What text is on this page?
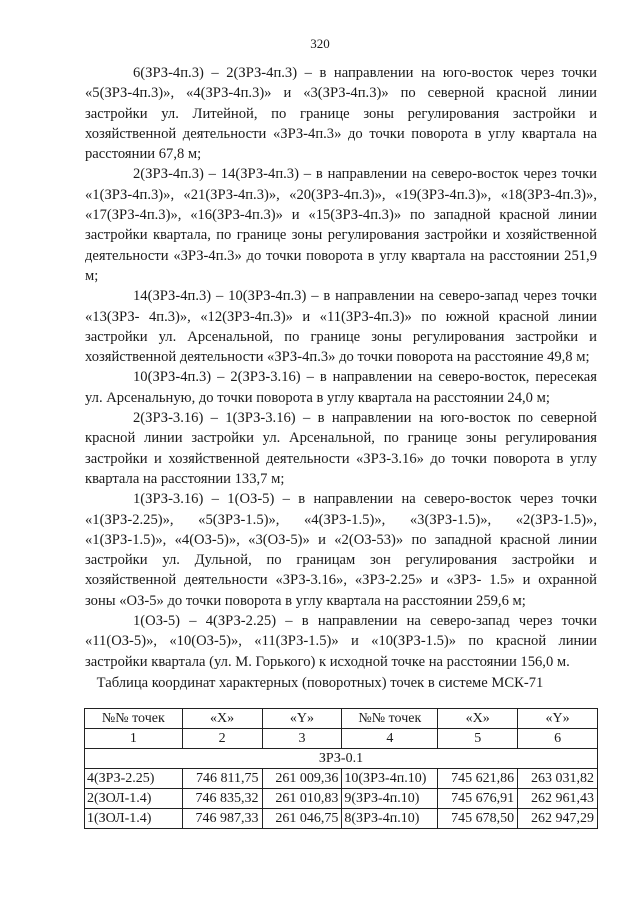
320

6(ЗРЗ-4п.3) – 2(ЗРЗ-4п.3) – в направлении на юго-восток через точки «5(ЗРЗ-4п.3)», «4(ЗРЗ-4п.3)» и «3(ЗРЗ-4п.3)» по северной красной линии застройки ул. Литейной, по границе зоны регулирования застройки и хозяйственной деятельности «ЗРЗ-4п.3» до точки поворота в углу квартала на расстоянии 67,8 м;

2(ЗРЗ-4п.3) – 14(ЗРЗ-4п.3) – в направлении на северо-восток через точки «1(ЗРЗ-4п.3)», «21(ЗРЗ-4п.3)», «20(ЗРЗ-4п.3)», «19(ЗРЗ-4п.3)», «18(ЗРЗ-4п.3)», «17(ЗРЗ-4п.3)», «16(ЗРЗ-4п.3)» и «15(ЗРЗ-4п.3)» по западной красной линии застройки квартала, по границе зоны регулирования застройки и хозяйственной деятельности «ЗРЗ-4п.3» до точки поворота в углу квартала на расстоянии 251,9 м;

14(ЗРЗ-4п.3) – 10(ЗРЗ-4п.3) – в направлении на северо-запад через точки «13(ЗРЗ- 4п.3)», «12(ЗРЗ-4п.3)» и «11(ЗРЗ-4п.3)» по южной красной линии застройки ул. Арсенальной, по границе зоны регулирования застройки и хозяйственной деятельности «ЗРЗ-4п.3» до точки поворота на расстояние 49,8 м;

10(ЗРЗ-4п.3) – 2(ЗРЗ-3.16) – в направлении на северо-восток, пересекая ул. Арсенальную, до точки поворота в углу квартала на расстоянии 24,0 м;

2(ЗРЗ-3.16) – 1(ЗРЗ-3.16) – в направлении на юго-восток по северной красной линии застройки ул. Арсенальной, по границе зоны регулирования застройки и хозяйственной деятельности «ЗРЗ-3.16» до точки поворота в углу квартала на расстоянии 133,7 м;

1(ЗРЗ-3.16) – 1(ОЗ-5) – в направлении на северо-восток через точки «1(ЗРЗ-2.25)», «5(ЗРЗ-1.5)», «4(ЗРЗ-1.5)», «3(ЗРЗ-1.5)», «2(ЗРЗ-1.5)», «1(ЗРЗ-1.5)», «4(ОЗ-5)», «3(ОЗ-5)» и «2(ОЗ-53)» по западной красной линии застройки ул. Дульной, по границам зон регулирования застройки и хозяйственной деятельности «ЗРЗ-3.16», «ЗРЗ-2.25» и «ЗРЗ- 1.5» и охранной зоны «ОЗ-5» до точки поворота в углу квартала на расстоянии 259,6 м;

1(ОЗ-5) – 4(ЗРЗ-2.25) – в направлении на северо-запад через точки «11(ОЗ-5)», «10(ОЗ-5)», «11(ЗРЗ-1.5)» и «10(ЗРЗ-1.5)» по красной линии застройки квартала (ул. М. Горького) к исходной точке на расстоянии 156,0 м.

Таблица координат характерных (поворотных) точек в системе МСК-71
№№ точек	«X»	«Y»	№№ точек	«X»	«Y»
1	2	3	4	5	6
ЗРЗ-0.1					
4(ЗРЗ-2.25)	746 811,75	261 009,36	10(ЗРЗ-4п.10)	745 621,86	263 031,82
2(ЗОЛ-1.4)	746 835,32	261 010,83	9(ЗРЗ-4п.10)	745 676,91	262 961,43
1(ЗОЛ-1.4)	746 987,33	261 046,75	8(ЗРЗ-4п.10)	745 678,50	262 947,29
